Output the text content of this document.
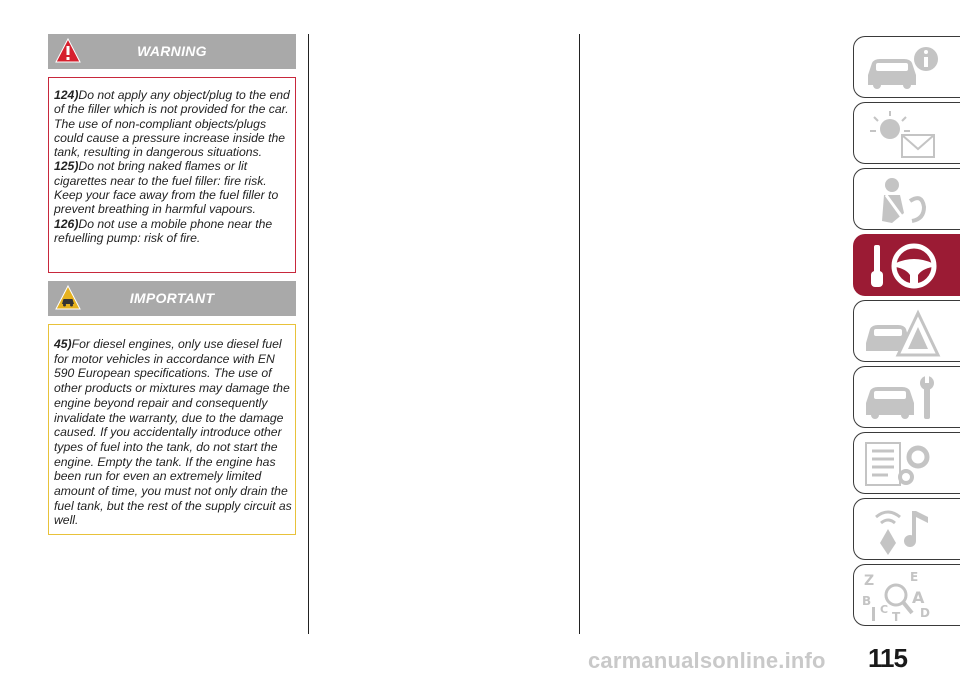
WARNING

124)Do not apply any object/plug to the end of the filler which is not provided for the car. The use of non-compliant objects/plugs could cause a pressure increase inside the tank, resulting in dangerous situations.

125)Do not bring naked flames or lit cigarettes near to the fuel filler: fire risk. Keep your face away from the fuel filler to prevent breathing in harmful vapours.

126)Do not use a mobile phone near the refuelling pump: risk of fire.

IMPORTANT

45)For diesel engines, only use diesel fuel for motor vehicles in accordance with EN 590 European specifications. The use of other products or mixtures may damage the engine beyond repair and consequently invalidate the warranty, due to the damage caused. If you accidentally introduce other types of fuel into the tank, do not start the engine. Empty the tank. If the engine has been run for even an extremely limited amount of time, you must not only drain the fuel tank, but the rest of the supply circuit as well.

Z	E
B	A
D
C
T
115
carmanualsonline.info
